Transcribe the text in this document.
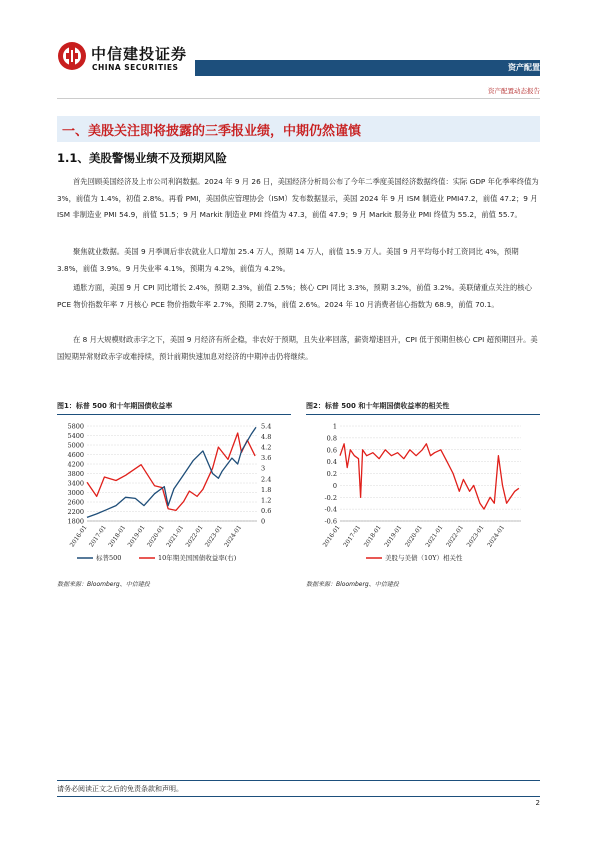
中信建投证券
CHINA SECURITIES	资产配置
资产配置动态报告
一、美股关注即将披露的三季报业绩，中期仍然谨慎
1.1、美股警惕业绩不及预期风险
首先回顾美国经济及上市公司利润数据。2024 年 9 月 26 日，美国经济分析局公布了今年二季度美国经济数据终值：实际 GDP 年化季率终值为 3%，前值为 1.4%，初值 2.8%。再看 PMI，美国供应管理协会（ISM）发布数据显示，美国 2024 年 9 月 ISM 制造业 PMI47.2，前值 47.2；9 月 ISM 非制造业 PMI 54.9，前值 51.5；9 月 Markit 制造业 PMI 终值为 47.3，前值 47.9；9 月 Markit 服务业 PMI 终值为 55.2，前值 55.7。
聚焦就业数据。美国 9 月季调后非农就业人口增加 25.4 万人，预期 14 万人，前值 15.9 万人。美国 9 月平均每小时工资同比 4%，预期 3.8%，前值 3.9%。9 月失业率 4.1%，预期为 4.2%，前值为 4.2%。
通胀方面，美国 9 月 CPI 同比增长 2.4%，预期 2.3%，前值 2.5%；核心 CPI 同比 3.3%，预期 3.2%，前值 3.2%。美联储重点关注的核心 PCE 物价指数年率 7 月核心 PCE 物价指数年率 2.7%，预期 2.7%，前值 2.6%。2024 年 10 月消费者信心指数为 68.9，前值 70.1。
在 8 月大规模财政赤字之下，美国 9 月经济有所企稳，非农好于预期，且失业率回落，薪资增速回升，CPI 低于预期但核心 CPI 超预期回升。美国短期异常财政赤字或难持续，预计前期快速加息对经济的中期冲击仍将继续。
图1：标普 500 和十年期国债收益率
5800
5400
5000
4600
4200
3800
3400
3000
2600
2200
1800
5.4
4.8
4.2
3.6
3
2.4
1.8
1.2
0.6
0
2016-01 2017-01 2018-01 2019-01 2020-01 2021-01 2022-01 2023-01 2024-01
标普500	10年期美国国债收益率(右)
数据来源：Bloomberg、中信建投
图2：标普 500 和十年期国债收益率的相关性
1
0.8
0.6
0.4
0.2
0
-0.2
-0.4
-0.6
2016-01 2017-01 2018-01 2019-01 2020-01 2021-01 2022-01 2023-01 2024-01
美股与美债（10Y）相关性
数据来源：Bloomberg、中信建投
请务必阅读正文之后的免责条款和声明。
2
